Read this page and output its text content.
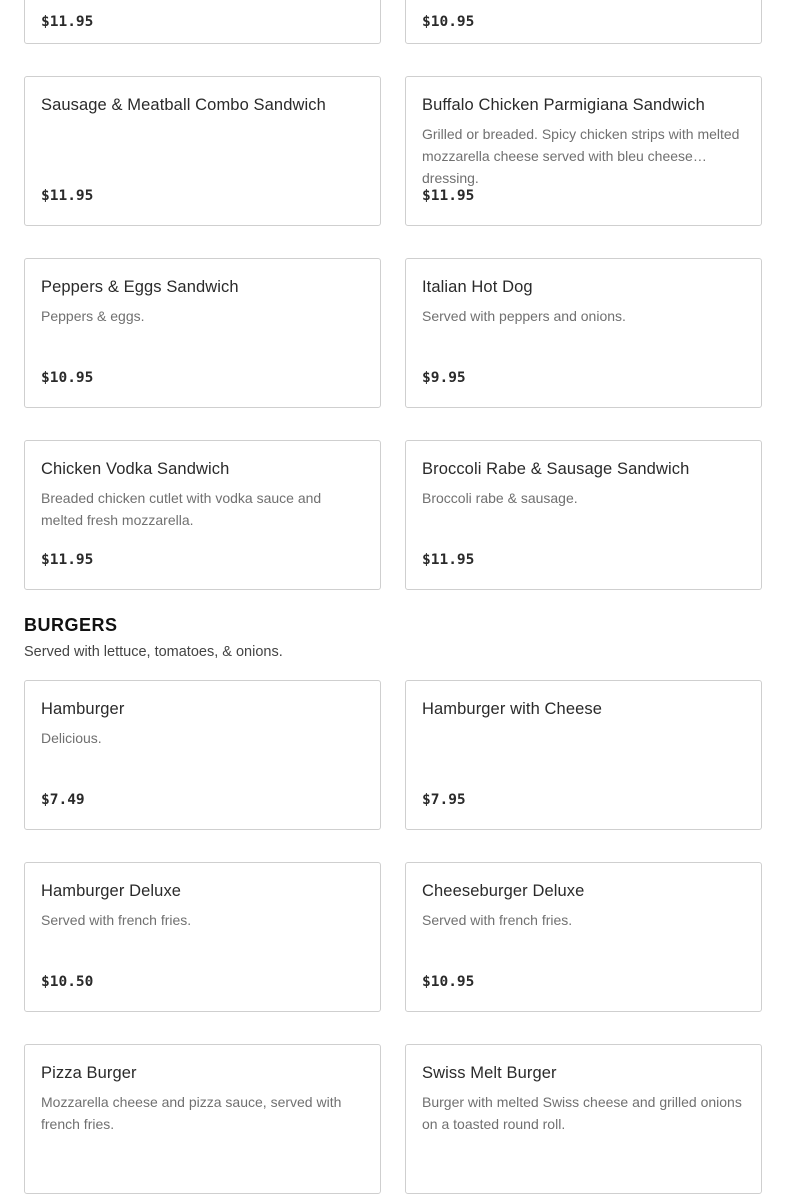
$11.95	$10.95
Sausage & Meatball Combo Sandwich
$11.95
Buffalo Chicken Parmigiana Sandwich
Grilled or breaded. Spicy chicken strips with melted mozzarella cheese served with bleu cheese dressing.
$11.95
Peppers & Eggs Sandwich
Peppers & eggs.
$10.95
Italian Hot Dog
Served with peppers and onions.
$9.95
Chicken Vodka Sandwich
Breaded chicken cutlet with vodka sauce and melted fresh mozzarella.
$11.95
Broccoli Rabe & Sausage Sandwich
Broccoli rabe & sausage.
$11.95
BURGERS
Served with lettuce, tomatoes, & onions.
Hamburger
Delicious.
$7.49
Hamburger with Cheese
$7.95
Hamburger Deluxe
Served with french fries.
$10.50
Cheeseburger Deluxe
Served with french fries.
$10.95
Pizza Burger
Mozzarella cheese and pizza sauce, served with french fries.
Swiss Melt Burger
Burger with melted Swiss cheese and grilled onions on a toasted round roll.
